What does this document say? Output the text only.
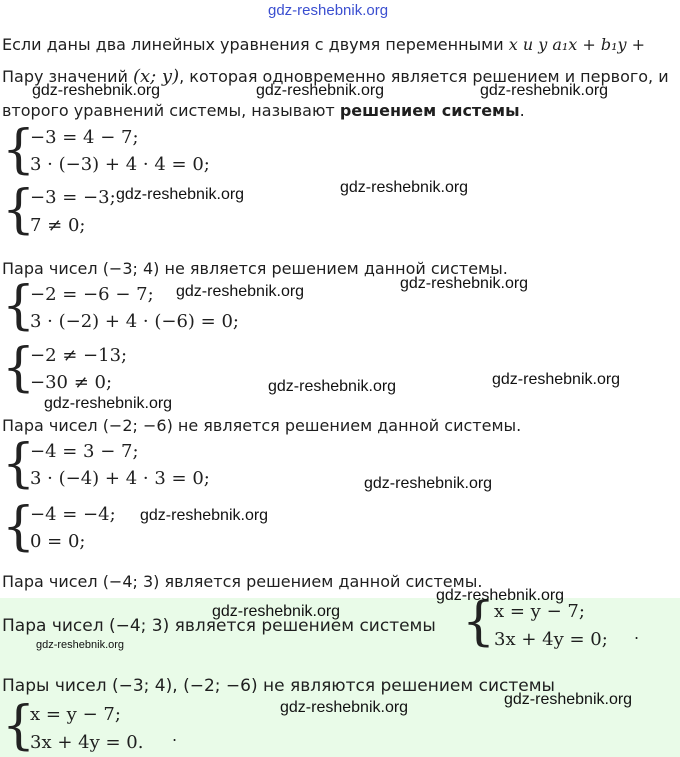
gdz-reshebnik.org
Если даны два линейных уравнения с двумя переменными x и y a₁x + b₁y +
Пару значений (x; y), которая одновременно является решением и первого, и
второго уравнений системы, называют решением системы.
{
−3 = 4 − 7;
3 · (−3) + 4 · 4 = 0;
{
−3 = −3;
7 ≠ 0;
Пара чисел (−3; 4) не является решением данной системы.
{
−2 = −6 − 7;
3 · (−2) + 4 · (−6) = 0;
{
−2 ≠ −13;
−30 ≠ 0;
Пара чисел (−2; −6) не является решением данной системы.
{
−4 = 3 − 7;
3 · (−4) + 4 · 3 = 0;
{
−4 = −4;
0 = 0;
Пара чисел (−4; 3) является решением данной системы.
Пара чисел (−4; 3) является решением системы {
x = y − 7;
3x + 4y = 0; .
Пары чисел (−3; 4), (−2; −6) не являются решением системы
{
x = y − 7;
3x + 4y = 0. .
gdz-reshebnik.org	gdz-reshebnik.org	gdz-reshebnik.org
gdz-reshebnik.org	gdz-reshebnik.org
gdz-reshebnik.org	gdz-reshebnik.org
gdz-reshebnik.org	gdz-reshebnik.org
gdz-reshebnik.org
gdz-reshebnik.org
gdz-reshebnik.org
gdz-reshebnik.org
gdz-reshebnik.org
gdz-reshebnik.org
gdz-reshebnik.org	gdz-reshebnik.org
